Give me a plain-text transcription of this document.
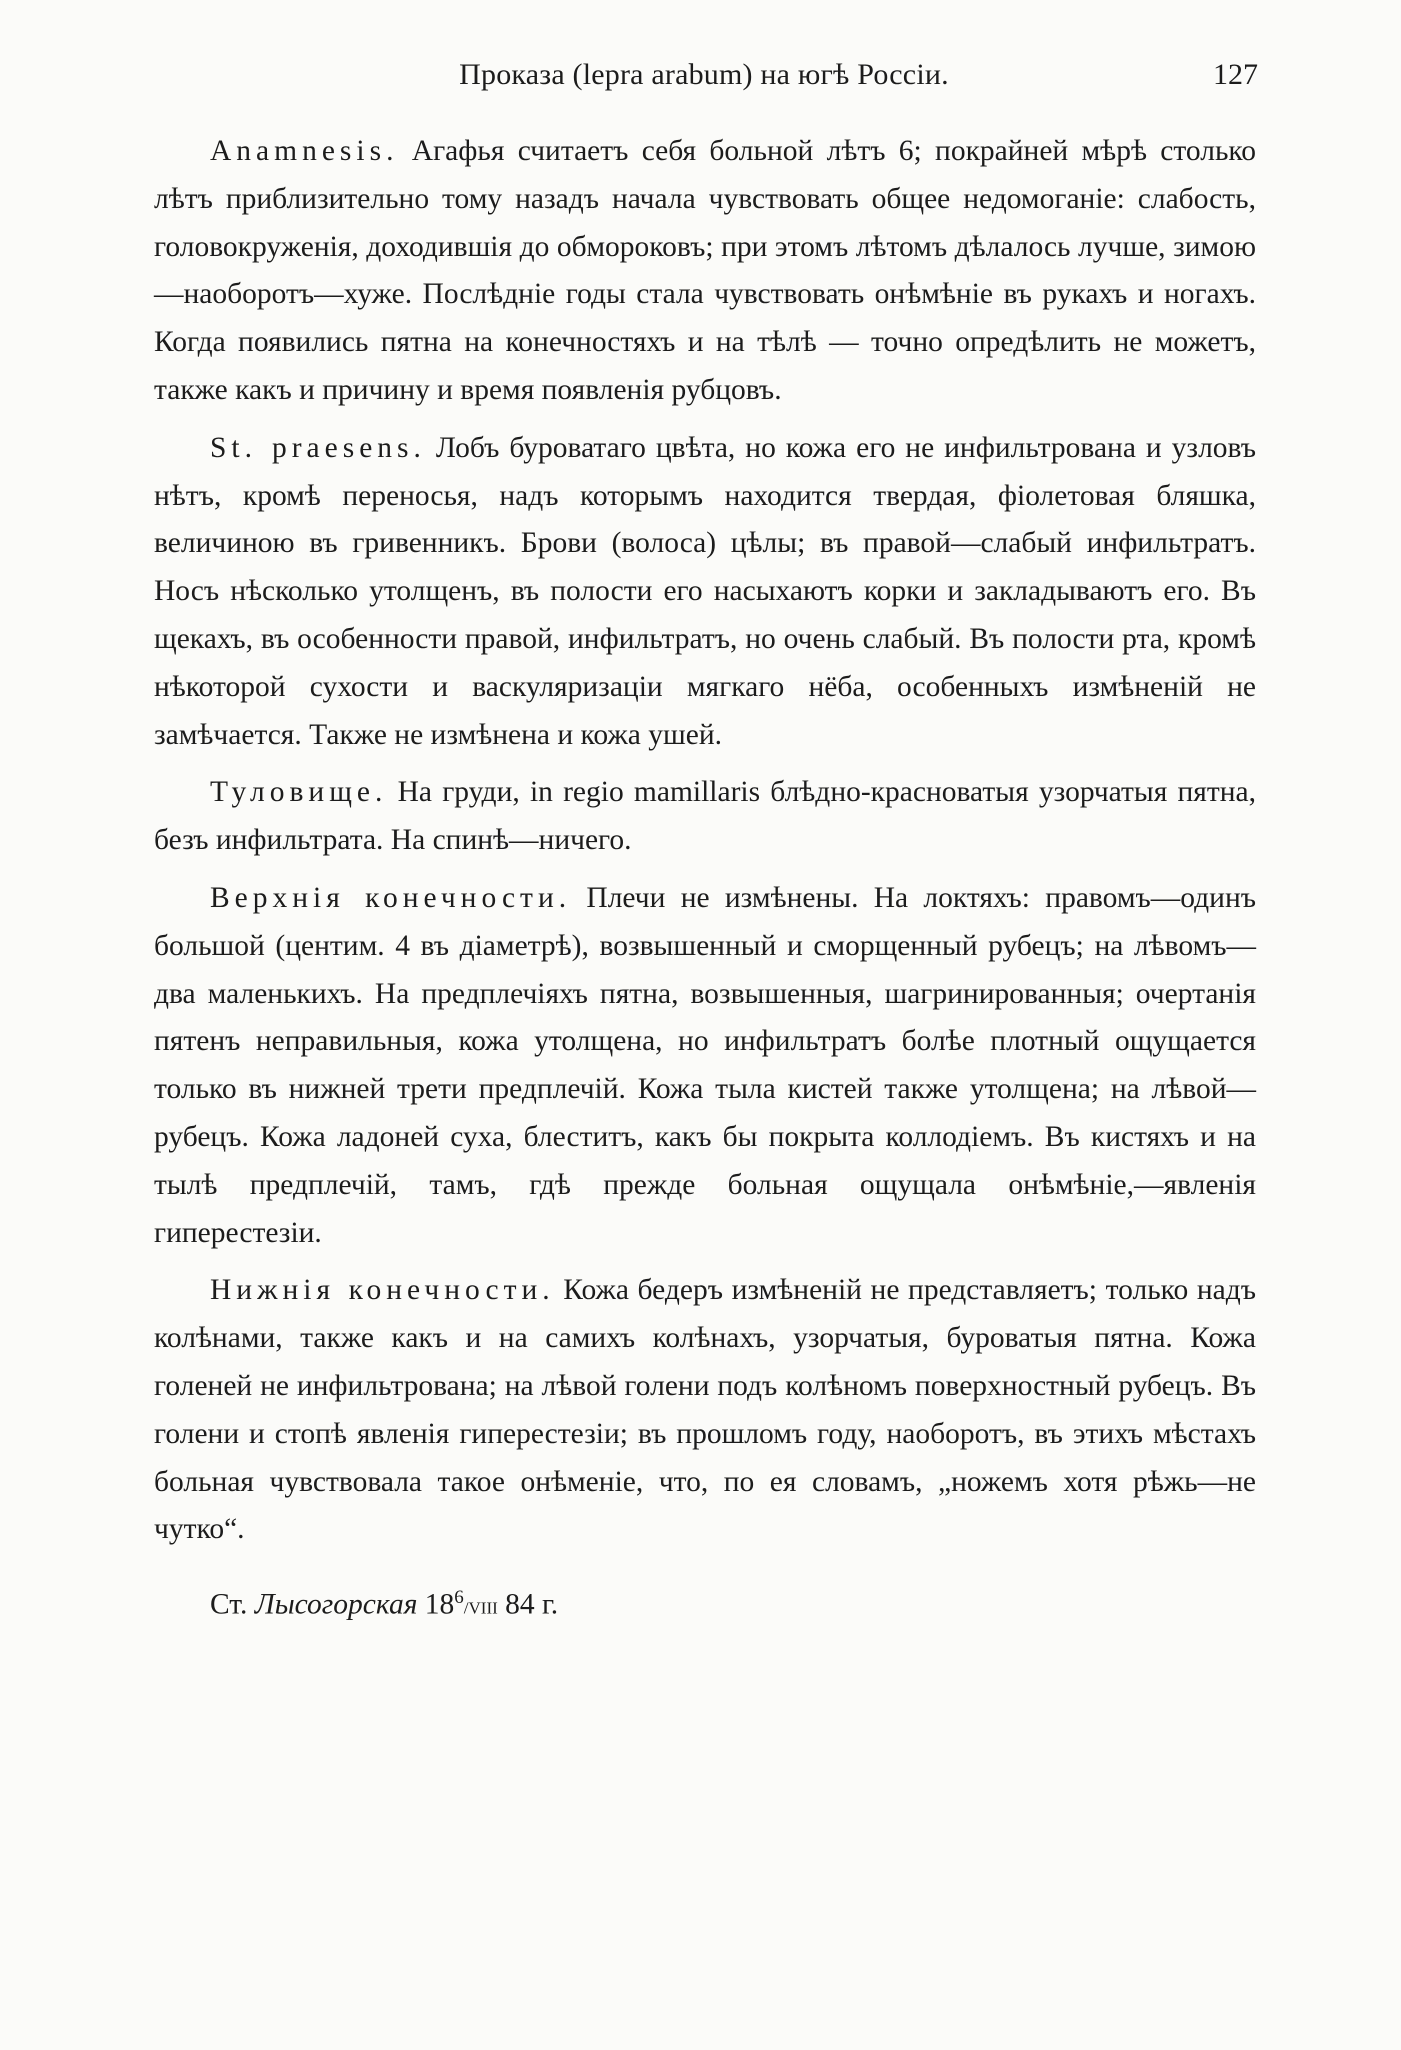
Проказа (lepra arabum) на югѣ Россіи.	127

Anamnesis. Агафья считаетъ себя больной лѣтъ 6; покрайней мѣрѣ столько лѣтъ приблизительно тому назадъ начала чувствовать общее недомоганіе: слабость, головокруженія, доходившія до обмороковъ; при этомъ лѣтомъ дѣлалось лучше, зимою—наоборотъ—хуже. Послѣдніе годы стала чувствовать онѣмѣніе въ рукахъ и ногахъ. Когда появились пятна на конечностяхъ и на тѣлѣ — точно опредѣлить не можетъ, также какъ и причину и время появленія рубцовъ.

St. praesens. Лобъ буроватаго цвѣта, но кожа его не инфильтрована и узловъ нѣтъ, кромѣ переносья, надъ которымъ находится твердая, фіолетовая бляшка, величиною въ гривенникъ. Брови (волоса) цѣлы; въ правой—слабый инфильтратъ. Носъ нѣсколько утолщенъ, въ полости его насыхаютъ корки и закладываютъ его. Въ щекахъ, въ особенности правой, инфильтратъ, но очень слабый. Въ полости рта, кромѣ нѣкоторой сухости и васкуляризаціи мягкаго нёба, особенныхъ измѣненій не замѣчается. Также не измѣнена и кожа ушей.

Туловище. На груди, in regio mamillaris блѣдно-красноватыя узорчатыя пятна, безъ инфильтрата. На спинѣ—ничего.

Верхнія конечности. Плечи не измѣнены. На локтяхъ: правомъ—одинъ большой (центим. 4 въ діаметрѣ), возвышенный и сморщенный рубецъ; на лѣвомъ—два маленькихъ. На предплечіяхъ пятна, возвышенныя, шагринированныя; очертанія пятенъ неправильныя, кожа утолщена, но инфильтратъ болѣе плотный ощущается только въ нижней трети предплечій. Кожа тыла кистей также утолщена; на лѣвой—рубецъ. Кожа ладоней суха, блеститъ, какъ бы покрыта коллодіемъ. Въ кистяхъ и на тылѣ предплечій, тамъ, гдѣ прежде больная ощущала онѣмѣніе,—явленія гиперестезіи.

Нижнія конечности. Кожа бедеръ измѣненій не представляетъ; только надъ колѣнами, также какъ и на самихъ колѣнахъ, узорчатыя, буроватыя пятна. Кожа голеней не инфильтрована; на лѣвой голени подъ колѣномъ поверхностный рубецъ. Въ голени и стопѣ явленія гиперестезіи; въ прошломъ году, наоборотъ, въ этихъ мѣстахъ больная чувствовала такое онѣменіе, что, по ея словамъ, „ножемъ хотя рѣжь—не чутко“.

Ст. Лысогорская $18^6$/VIII 84 г.
